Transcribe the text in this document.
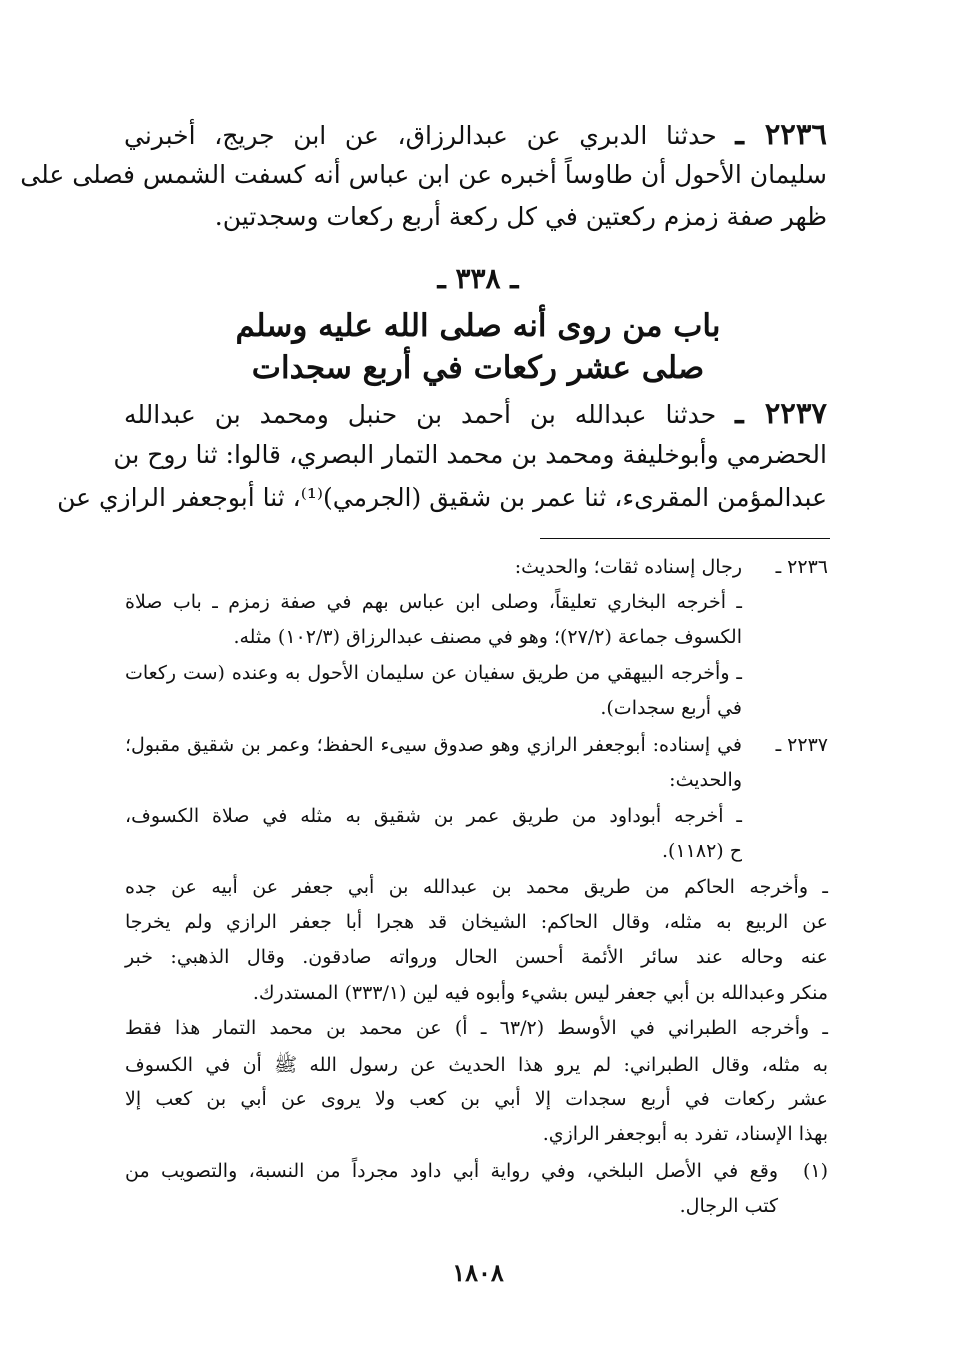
٢٢٣٦ ـ حدثنا الدبري عن عبدالرزاق، عن ابن جريج، أخبرني
سليمان الأحول أن طاوساً أخبره عن ابن عباس أنه كسفت الشمس فصلى على
ظهر صفة زمزم ركعتين في كل ركعة أربع ركعات وسجدتين.
ـ ٣٣٨ ـ
باب من روى أنه صلى الله عليه وسلم
صلى عشر ركعات في أربع سجدات
٢٢٣٧ ـ حدثنا عبدالله بن أحمد بن حنبل ومحمد بن عبدالله
الحضرمي وأبوخليفة ومحمد بن محمد التمار البصري، قالوا: ثنا روح بن
عبدالمؤمن المقرىء، ثنا عمر بن شقيق (الجرمي)⁽¹⁾، ثنا أبوجعفر الرازي عن
٢٢٣٦ ـ
رجال إسناده ثقات؛ والحديث:
ـ أخرجه البخاري تعليقاً، وصلى ابن عباس بهم في صفة زمزم ـ باب صلاة
الكسوف جماعة (٢٧/٢)؛ وهو في مصنف عبدالرزاق (١٠٢/٣) مثله.
ـ وأخرجه البيهقي من طريق سفيان عن سليمان الأحول به وعنده (ست ركعات
في أربع سجدات).
٢٢٣٧ ـ
في إسناده: أبوجعفر الرازي وهو صدوق سيىء الحفظ؛ وعمر بن شقيق مقبول؛
والحديث:
ـ أخرجه أبوداود من طريق عمر بن شقيق به مثله في صلاة الكسوف،
ح (١١٨٢).
ـ وأخرجه الحاكم من طريق محمد بن عبدالله بن أبي جعفر عن أبيه عن جده
عن الربيع به مثله، وقال الحاكم: الشيخان قد هجرا أبا جعفر الرازي ولم يخرجا
عنه وحاله عند سائر الأئمة أحسن الحال ورواته صادقون. وقال الذهبي: خبر
منكر وعبدالله بن أبي جعفر ليس بشيء وأبوه فيه لين (٣٣٣/١) المستدرك.
ـ وأخرجه الطبراني في الأوسط (٦٣/٢ ـ أ) عن محمد بن محمد التمار هذا فقط
به مثله، وقال الطبراني: لم يرو هذا الحديث عن رسول الله ﷺ أن في الكسوف
عشر ركعات في أربع سجدات إلا أبي بن كعب ولا يروى عن أبي بن كعب إلا
بهذا الإسناد، تفرد به أبوجعفر الرازي.
(١)
وقع في الأصل البلخي، وفي رواية أبي داود مجرداً من النسبة، والتصويب من
كتب الرجال.
١٨٠٨
